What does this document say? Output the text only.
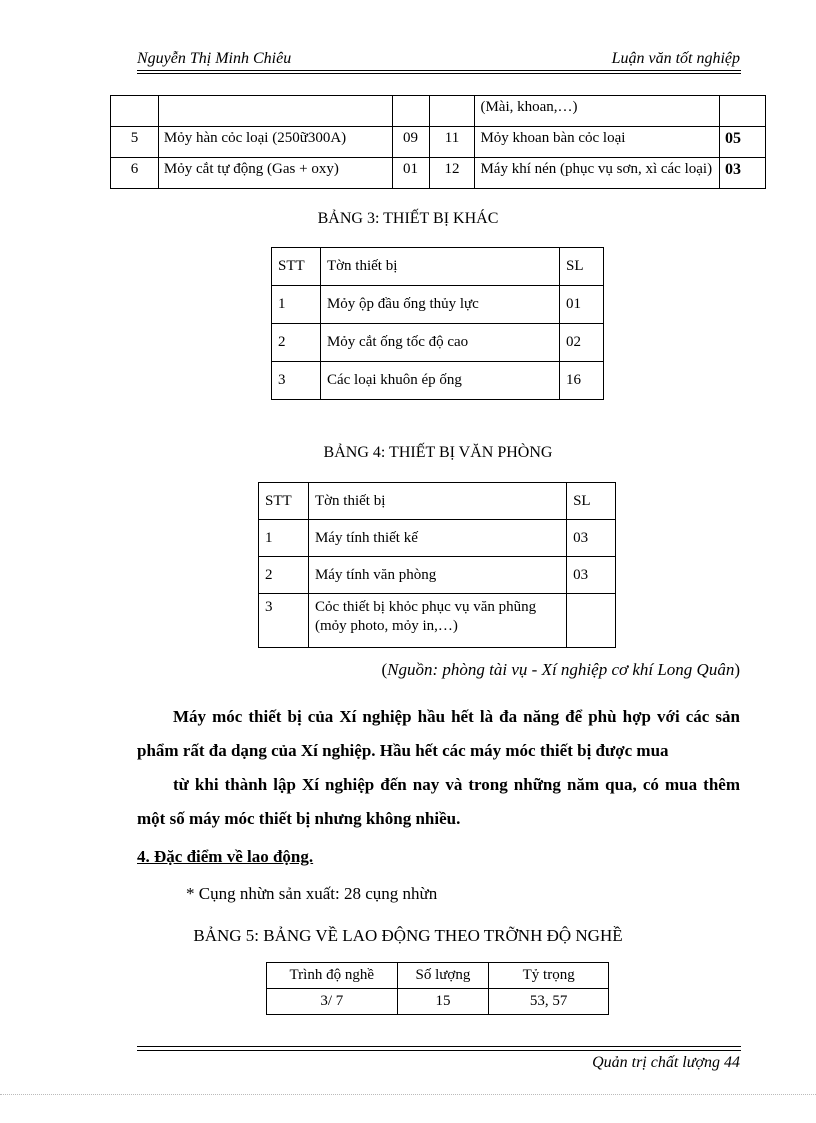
Nguyễn Thị Minh Chiêu	Luận văn tốt nghiệp
				(Mài, khoan,…)	
5	Mỏy hàn cỏc loại (250ữ300A)	09	11	Mỏy khoan bàn cỏc loại	05
6	Mỏy cắt tự động (Gas + oxy)	01	12	Máy khí nén (phục vụ sơn, xì các loại)	03
BẢNG 3: THIẾT BỊ KHÁC
STT	Tờn thiết bị	SL
1	Mỏy ộp đầu ống thủy lực	01
2	Mỏy cắt ống tốc độ cao	02
3	Các loại khuôn ép ống	16
BẢNG 4: THIẾT BỊ VĂN PHÒNG
STT	Tờn thiết bị	SL
1	Máy tính thiết kế	03
2	Máy tính văn phòng	03
3	Cỏc thiết bị khỏc phục vụ văn phũng (mỏy photo, mỏy in,…)	
(Nguồn: phòng tài vụ - Xí nghiệp cơ khí Long Quân)
Máy móc thiết bị của Xí nghiệp hầu hết là đa năng để phù hợp với các sản phẩm rất đa dạng của Xí nghiệp. Hầu hết các máy móc thiết bị được mua
từ khi thành lập Xí nghiệp đến nay và trong những năm qua, có mua thêm một số máy móc thiết bị nhưng không nhiều.
4. Đặc điểm về lao động.
* Cụng nhừn sản xuất: 28 cụng nhừn
BẢNG 5: BẢNG VỀ LAO ĐỘNG THEO TRỠNH ĐỘ NGHỀ
Trình độ nghề	Số lượng	Tỷ trọng
3/ 7	15	53, 57
Quản trị chất lượng 44
